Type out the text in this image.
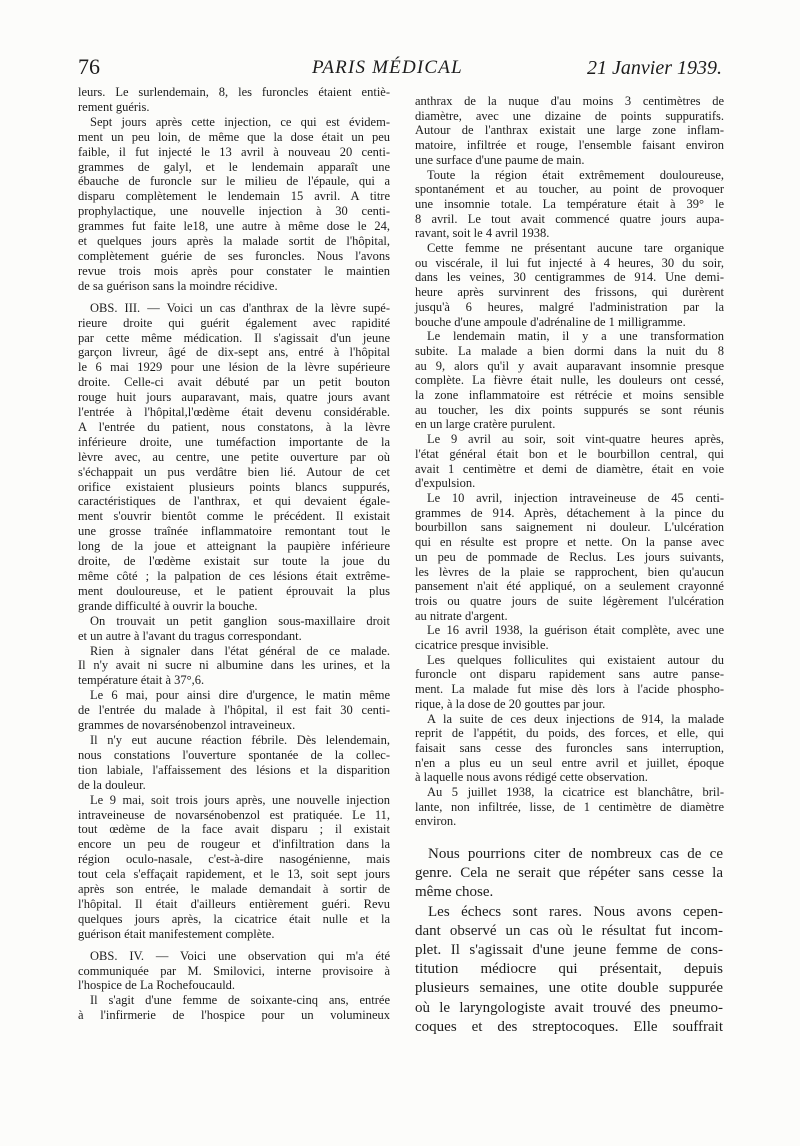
76	PARIS MÉDICAL	21 Janvier 1939.
leurs. Le surlendemain, 8, les furoncles étaient entiè-
rement guéris.
Sept jours après cette injection, ce qui est évidem-
ment un peu loin, de même que la dose était un peu
faible, il fut injecté le 13 avril à nouveau 20 centi-
grammes de galyl, et le lendemain apparaît une
ébauche de furoncle sur le milieu de l'épaule, qui a
disparu complètement le lendemain 15 avril. A titre
prophylactique, une nouvelle injection à 30 centi-
grammes fut faite le18, une autre à même dose le 24,
et quelques jours après la malade sortit de l'hôpital,
complètement guérie de ses furoncles. Nous l'avons
revue trois mois après pour constater le maintien
de sa guérison sans la moindre récidive.
OBS. III. — Voici un cas d'anthrax de la lèvre supé-
rieure droite qui guérit également avec rapidité
par cette même médication. Il s'agissait d'un jeune
garçon livreur, âgé de dix-sept ans, entré à l'hôpital
le 6 mai 1929 pour une lésion de la lèvre supérieure
droite. Celle-ci avait débuté par un petit bouton
rouge huit jours auparavant, mais, quatre jours avant
l'entrée à l'hôpital,l'œdème était devenu considérable.
A l'entrée du patient, nous constatons, à la lèvre
inférieure droite, une tuméfaction importante de la
lèvre avec, au centre, une petite ouverture par où
s'échappait un pus verdâtre bien lié. Autour de cet
orifice existaient plusieurs points blancs suppurés,
caractéristiques de l'anthrax, et qui devaient égale-
ment s'ouvrir bientôt comme le précédent. Il existait
une grosse traînée inflammatoire remontant tout le
long de la joue et atteignant la paupière inférieure
droite, de l'œdème existait sur toute la joue du
même côté ; la palpation de ces lésions était extrême-
ment douloureuse, et le patient éprouvait la plus
grande difficulté à ouvrir la bouche.
On trouvait un petit ganglion sous-maxillaire droit
et un autre à l'avant du tragus correspondant.
Rien à signaler dans l'état général de ce malade.
Il n'y avait ni sucre ni albumine dans les urines, et la
température était à 37°,6.
Le 6 mai, pour ainsi dire d'urgence, le matin même
de l'entrée du malade à l'hôpital, il est fait 30 centi-
grammes de novarsénobenzol intraveineux.
Il n'y eut aucune réaction fébrile. Dès lelendemain,
nous constations l'ouverture spontanée de la collec-
tion labiale, l'affaissement des lésions et la disparition
de la douleur.
Le 9 mai, soit trois jours après, une nouvelle injection
intraveineuse de novarsénobenzol est pratiquée. Le 11,
tout œdème de la face avait disparu ; il existait
encore un peu de rougeur et d'infiltration dans la
région oculo-nasale, c'est-à-dire nasogénienne, mais
tout cela s'effaçait rapidement, et le 13, soit sept jours
après son entrée, le malade demandait à sortir de
l'hôpital. Il était d'ailleurs entièrement guéri. Revu
quelques jours après, la cicatrice était nulle et la
guérison était manifestement complète.
OBS. IV. — Voici une observation qui m'a été
communiquée par M. Smilovici, interne provisoire à
l'hospice de La Rochefoucauld.
Il s'agit d'une femme de soixante-cinq ans, entrée
à l'infirmerie de l'hospice pour un volumineux
anthrax de la nuque d'au moins 3 centimètres de
diamètre, avec une dizaine de points suppuratifs.
Autour de l'anthrax existait une large zone inflam-
matoire, infiltrée et rouge, l'ensemble faisant environ
une surface d'une paume de main.
Toute la région était extrêmement douloureuse,
spontanément et au toucher, au point de provoquer
une insomnie totale. La température était à 39° le
8 avril. Le tout avait commencé quatre jours aupa-
ravant, soit le 4 avril 1938.
Cette femme ne présentant aucune tare organique
ou viscérale, il lui fut injecté à 4 heures, 30 du soir,
dans les veines, 30 centigrammes de 914. Une demi-
heure après survinrent des frissons, qui durèrent
jusqu'à 6 heures, malgré l'administration par la
bouche d'une ampoule d'adrénaline de 1 milligramme.
Le lendemain matin, il y a une transformation
subite. La malade a bien dormi dans la nuit du 8
au 9, alors qu'il y avait auparavant insomnie presque
complète. La fièvre était nulle, les douleurs ont cessé,
la zone inflammatoire est rétrécie et moins sensible
au toucher, les dix points suppurés se sont réunis
en un large cratère purulent.
Le 9 avril au soir, soit vint-quatre heures après,
l'état général était bon et le bourbillon central, qui
avait 1 centimètre et demi de diamètre, était en voie
d'expulsion.
Le 10 avril, injection intraveineuse de 45 centi-
grammes de 914. Après, détachement à la pince du
bourbillon sans saignement ni douleur. L'ulcération
qui en résulte est propre et nette. On la panse avec
un peu de pommade de Reclus. Les jours suivants,
les lèvres de la plaie se rapprochent, bien qu'aucun
pansement n'ait été appliqué, on a seulement crayonné
trois ou quatre jours de suite légèrement l'ulcération
au nitrate d'argent.
Le 16 avril 1938, la guérison était complète, avec une
cicatrice presque invisible.
Les quelques folliculites qui existaient autour du
furoncle ont disparu rapidement sans autre panse-
ment. La malade fut mise dès lors à l'acide phospho-
rique, à la dose de 20 gouttes par jour.
A la suite de ces deux injections de 914, la malade
reprit de l'appétit, du poids, des forces, et elle, qui
faisait sans cesse des furoncles sans interruption,
n'en a plus eu un seul entre avril et juillet, époque
à laquelle nous avons rédigé cette observation.
Au 5 juillet 1938, la cicatrice est blanchâtre, bril-
lante, non infiltrée, lisse, de 1 centimètre de diamètre
environ.
Nous pourrions citer de nombreux cas de ce
genre. Cela ne serait que répéter sans cesse la
même chose.
Les échecs sont rares. Nous avons cepen-
dant observé un cas où le résultat fut incom-
plet. Il s'agissait d'une jeune femme de cons-
titution médiocre qui présentait, depuis
plusieurs semaines, une otite double suppurée
où le laryngologiste avait trouvé des pneumo-
coques et des streptocoques. Elle souffrait
